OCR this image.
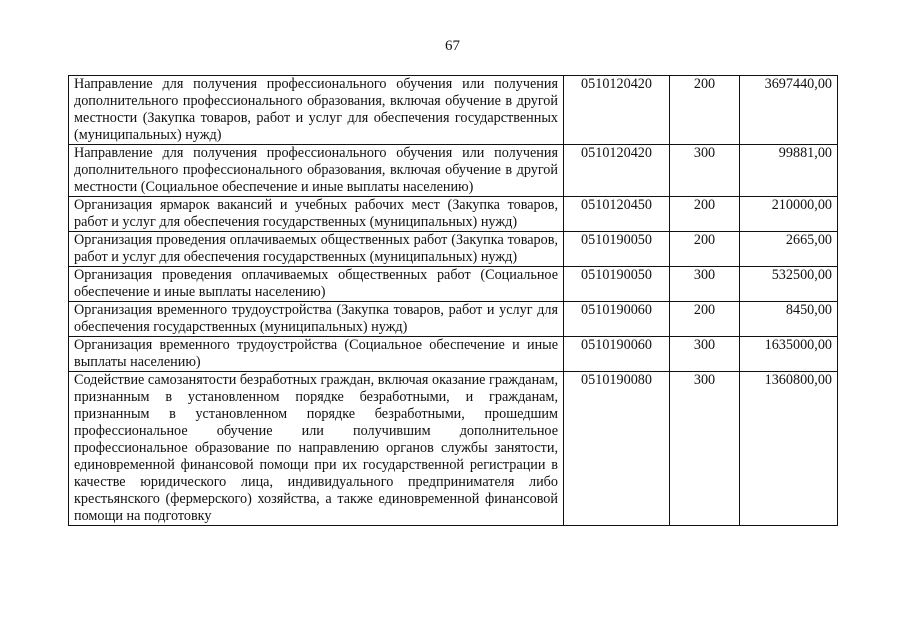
67
Направление для получения профессионального обучения или получения дополнительного профессионального образования, включая обучение в другой местности (Закупка товаров, работ и услуг для обеспечения государственных (муниципальных) нужд)	0510120420	200	3697440,00
Направление для получения профессионального обучения или получения дополнительного профессионального образования, включая обучение в другой местности (Социальное обеспечение и иные выплаты населению)	0510120420	300	99881,00
Организация ярмарок вакансий и учебных рабочих мест (Закупка товаров, работ и услуг для обеспечения государственных (муниципальных) нужд)	0510120450	200	210000,00
Организация проведения оплачиваемых общественных работ (Закупка товаров, работ и услуг для обеспечения государственных (муниципальных) нужд)	0510190050	200	2665,00
Организация проведения оплачиваемых общественных работ (Социальное обеспечение и иные выплаты населению)	0510190050	300	532500,00
Организация временного трудоустройства (Закупка товаров, работ и услуг для обеспечения государственных (муниципальных) нужд)	0510190060	200	8450,00
Организация временного трудоустройства (Социальное обеспечение и иные выплаты населению)	0510190060	300	1635000,00
Содействие самозанятости безработных граждан, включая оказание гражданам, признанным в установленном порядке безработными, и гражданам, признанным в установленном порядке безработными, прошедшим профессиональное обучение или получившим дополнительное профессиональное образование по направлению органов службы занятости, единовременной финансовой помощи при их государственной регистрации в качестве юридического лица, индивидуального предпринимателя либо крестьянского (фермерского) хозяйства, а также единовременной финансовой помощи на подготовку	0510190080	300	1360800,00
